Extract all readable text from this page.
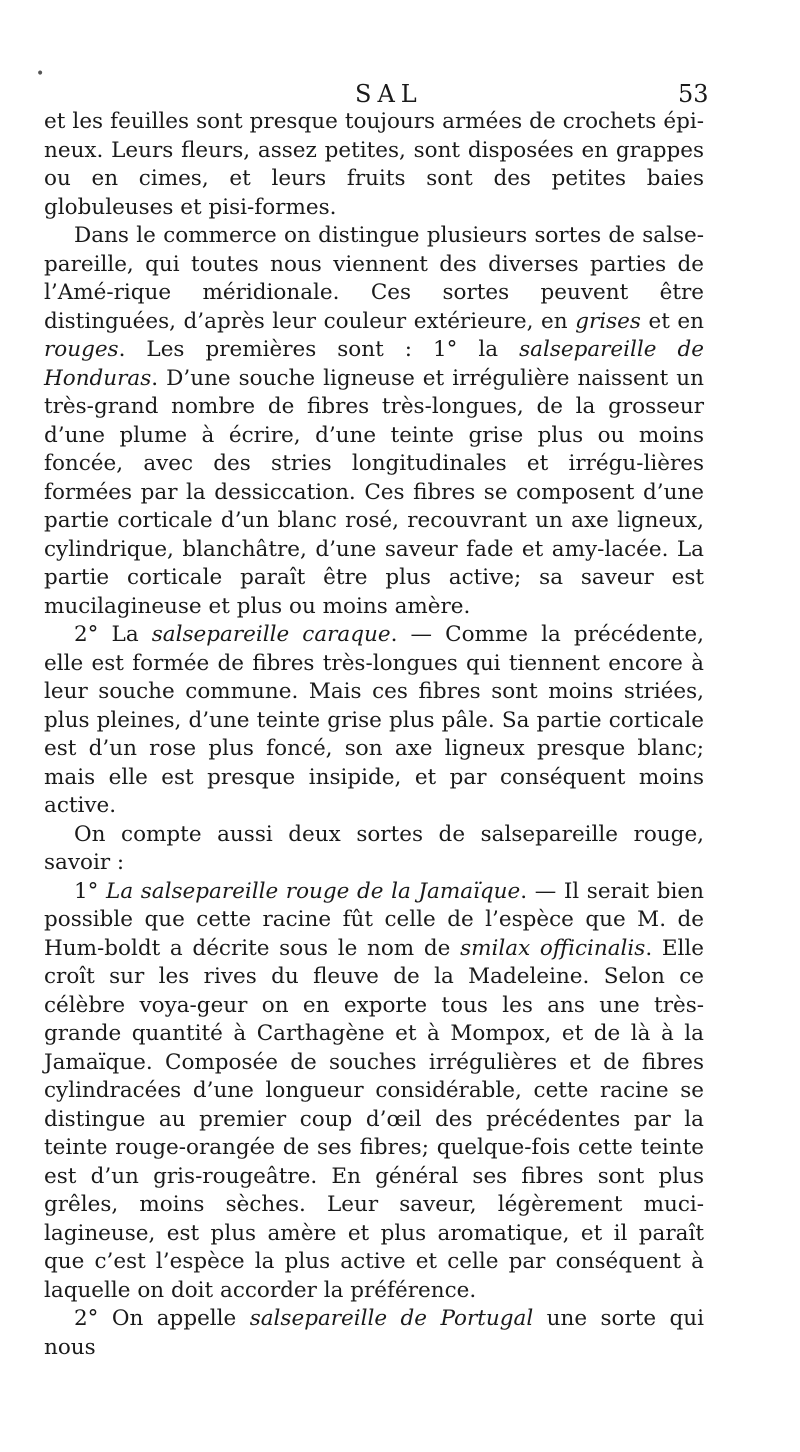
SAL	53
•

et les feuilles sont presque toujours armées de crochets épi-neux. Leurs fleurs, assez petites, sont disposées en grappes ou en cimes, et leurs fruits sont des petites baies globuleuses et pisi-formes.

Dans le commerce on distingue plusieurs sortes de salse-pareille, qui toutes nous viennent des diverses parties de l’Amé-rique méridionale. Ces sortes peuvent être distinguées, d’après leur couleur extérieure, en grises et en rouges. Les premières sont : 1° la salsepareille de Honduras. D’une souche ligneuse et irrégulière naissent un très-grand nombre de fibres très-longues, de la grosseur d’une plume à écrire, d’une teinte grise plus ou moins foncée, avec des stries longitudinales et irrégu-lières formées par la dessiccation. Ces fibres se composent d’une partie corticale d’un blanc rosé, recouvrant un axe ligneux, cylindrique, blanchâtre, d’une saveur fade et amy-lacée. La partie corticale paraît être plus active; sa saveur est mucilagineuse et plus ou moins amère.

2° La salsepareille caraque. — Comme la précédente, elle est formée de fibres très-longues qui tiennent encore à leur souche commune. Mais ces fibres sont moins striées, plus pleines, d’une teinte grise plus pâle. Sa partie corticale est d’un rose plus foncé, son axe ligneux presque blanc; mais elle est presque insipide, et par conséquent moins active.

On compte aussi deux sortes de salsepareille rouge, savoir :

1° La salsepareille rouge de la Jamaïque. — Il serait bien possible que cette racine fût celle de l’espèce que M. de Hum-boldt a décrite sous le nom de smilax officinalis. Elle croît sur les rives du fleuve de la Madeleine. Selon ce célèbre voya-geur on en exporte tous les ans une très-grande quantité à Carthagène et à Mompox, et de là à la Jamaïque. Composée de souches irrégulières et de fibres cylindracées d’une longueur considérable, cette racine se distingue au premier coup d’œil des précédentes par la teinte rouge-orangée de ses fibres; quelque-fois cette teinte est d’un gris-rougeâtre. En général ses fibres sont plus grêles, moins sèches. Leur saveur, légèrement muci-lagineuse, est plus amère et plus aromatique, et il paraît que c’est l’espèce la plus active et celle par conséquent à laquelle on doit accorder la préférence.

2° On appelle salsepareille de Portugal une sorte qui nous
